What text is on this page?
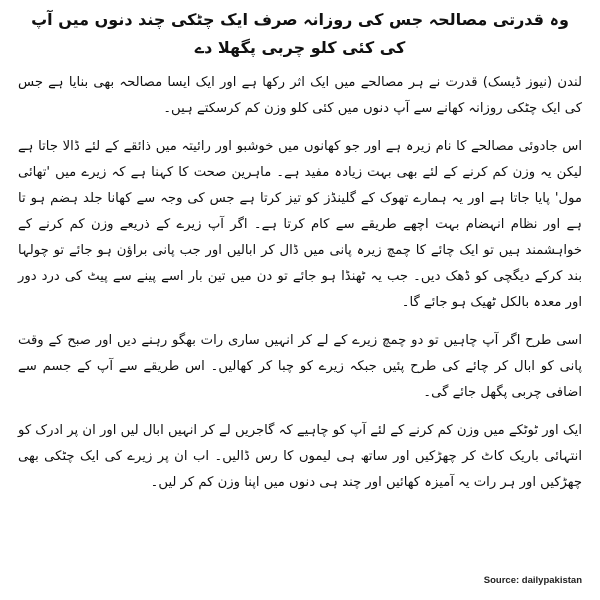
وہ قدرتی مصالحہ جس کی روزانہ صرف ایک چٹکی چند دنوں میں آپ کی کئی کلو چربی پگھلا دے

لندن (نیوز ڈیسک) قدرت نے ہر مصالحے میں ایک اثر رکھا ہے اور ایک ایسا مصالحہ بھی بنایا ہے جس کی ایک چٹکی روزانہ کھانے سے آپ دنوں میں کئی کلو وزن کم کرسکتے ہیں۔

اس جادوئی مصالحے کا نام زیرہ ہے اور جو کھانوں میں خوشبو اور رائیتہ میں ذائقے کے لئے ڈالا جاتا ہے لیکن یہ وزن کم کرنے کے لئے بھی بہت زیادہ مفید ہے۔ ماہرین صحت کا کہنا ہے کہ زیرے میں 'تھائی مول' پایا جاتا ہے اور یہ ہمارے تھوک کے گلینڈز کو تیز کرتا ہے جس کی وجہ سے کھانا جلد ہضم ہو تا ہے اور نظام انہضام بہت اچھے طریقے سے کام کرتا ہے۔ اگر آپ زیرے کے ذریعے وزن کم کرنے کے خواہشمند ہیں تو ایک چائے کا چمچ زیرہ پانی میں ڈال کر ابالیں اور جب پانی براؤن ہو جائے تو چولہا بند کرکے دیگچی کو ڈھک دیں۔ جب یہ ٹھنڈا ہو جائے تو دن میں تین بار اسے پینے سے پیٹ کی درد دور اور معدہ بالکل ٹھیک ہو جائے گا۔

اسی طرح اگر آپ چاہیں تو دو چمچ زیرے کے لے کر انہیں ساری رات بھگو رہنے دیں اور صبح کے وقت پانی کو ابال کر چائے کی طرح پئیں جبکہ زیرے کو چبا کر کھالیں۔ اس طریقے سے آپ کے جسم سے اضافی چربی پگھل جائے گی۔

ایک اور ٹوٹکے میں وزن کم کرنے کے لئے آپ کو چاہیے کہ گاجریں لے کر انہیں ابال لیں اور ان پر ادرک کو انتہائی باریک کاٹ کر چھڑکیں اور ساتھ ہی لیموں کا رس ڈالیں۔ اب ان پر زیرے کی ایک چٹکی بھی چھڑکیں اور ہر رات یہ آمیزہ کھائیں اور چند ہی دنوں میں اپنا وزن کم کر لیں۔

Source: dailypakistan
